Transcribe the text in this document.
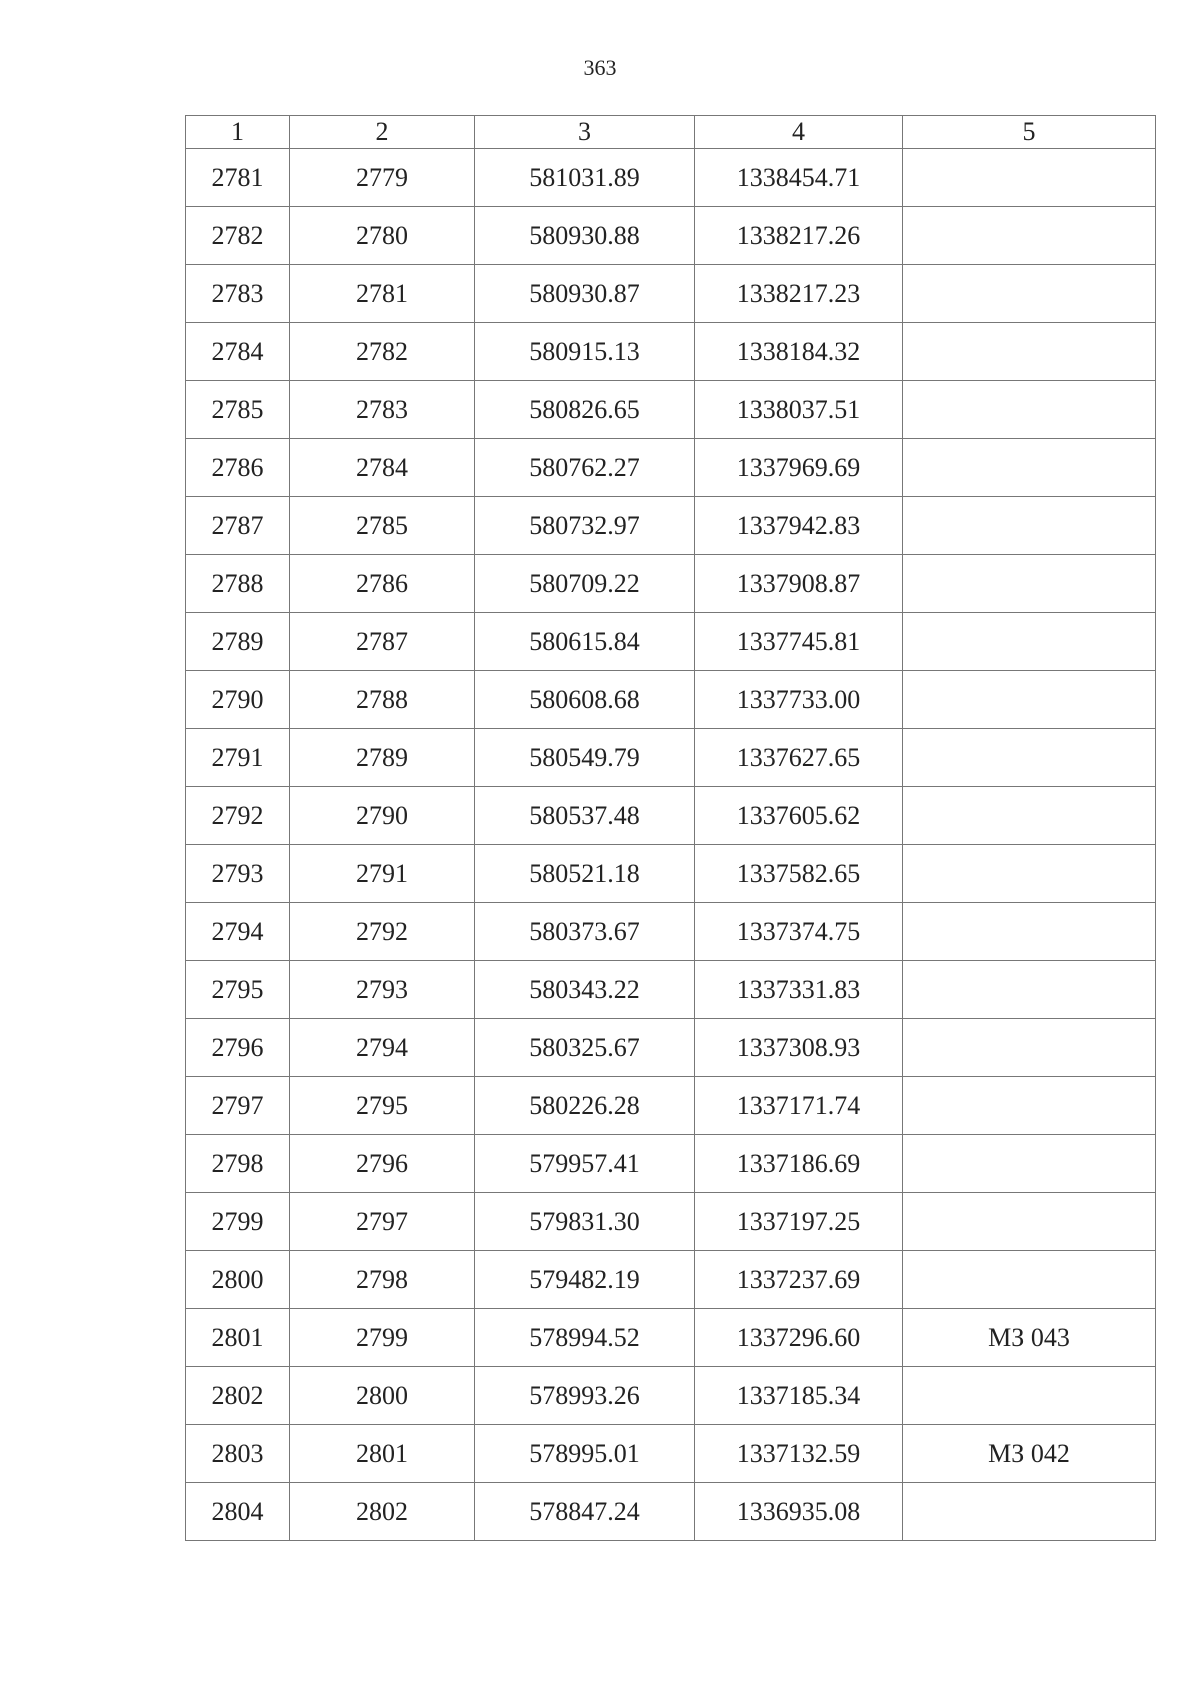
363
1	2	3	4	5
2781	2779	581031.89	1338454.71	
2782	2780	580930.88	1338217.26	
2783	2781	580930.87	1338217.23	
2784	2782	580915.13	1338184.32	
2785	2783	580826.65	1338037.51	
2786	2784	580762.27	1337969.69	
2787	2785	580732.97	1337942.83	
2788	2786	580709.22	1337908.87	
2789	2787	580615.84	1337745.81	
2790	2788	580608.68	1337733.00	
2791	2789	580549.79	1337627.65	
2792	2790	580537.48	1337605.62	
2793	2791	580521.18	1337582.65	
2794	2792	580373.67	1337374.75	
2795	2793	580343.22	1337331.83	
2796	2794	580325.67	1337308.93	
2797	2795	580226.28	1337171.74	
2798	2796	579957.41	1337186.69	
2799	2797	579831.30	1337197.25	
2800	2798	579482.19	1337237.69	
2801	2799	578994.52	1337296.60	МЗ 043
2802	2800	578993.26	1337185.34	
2803	2801	578995.01	1337132.59	МЗ 042
2804	2802	578847.24	1336935.08	
